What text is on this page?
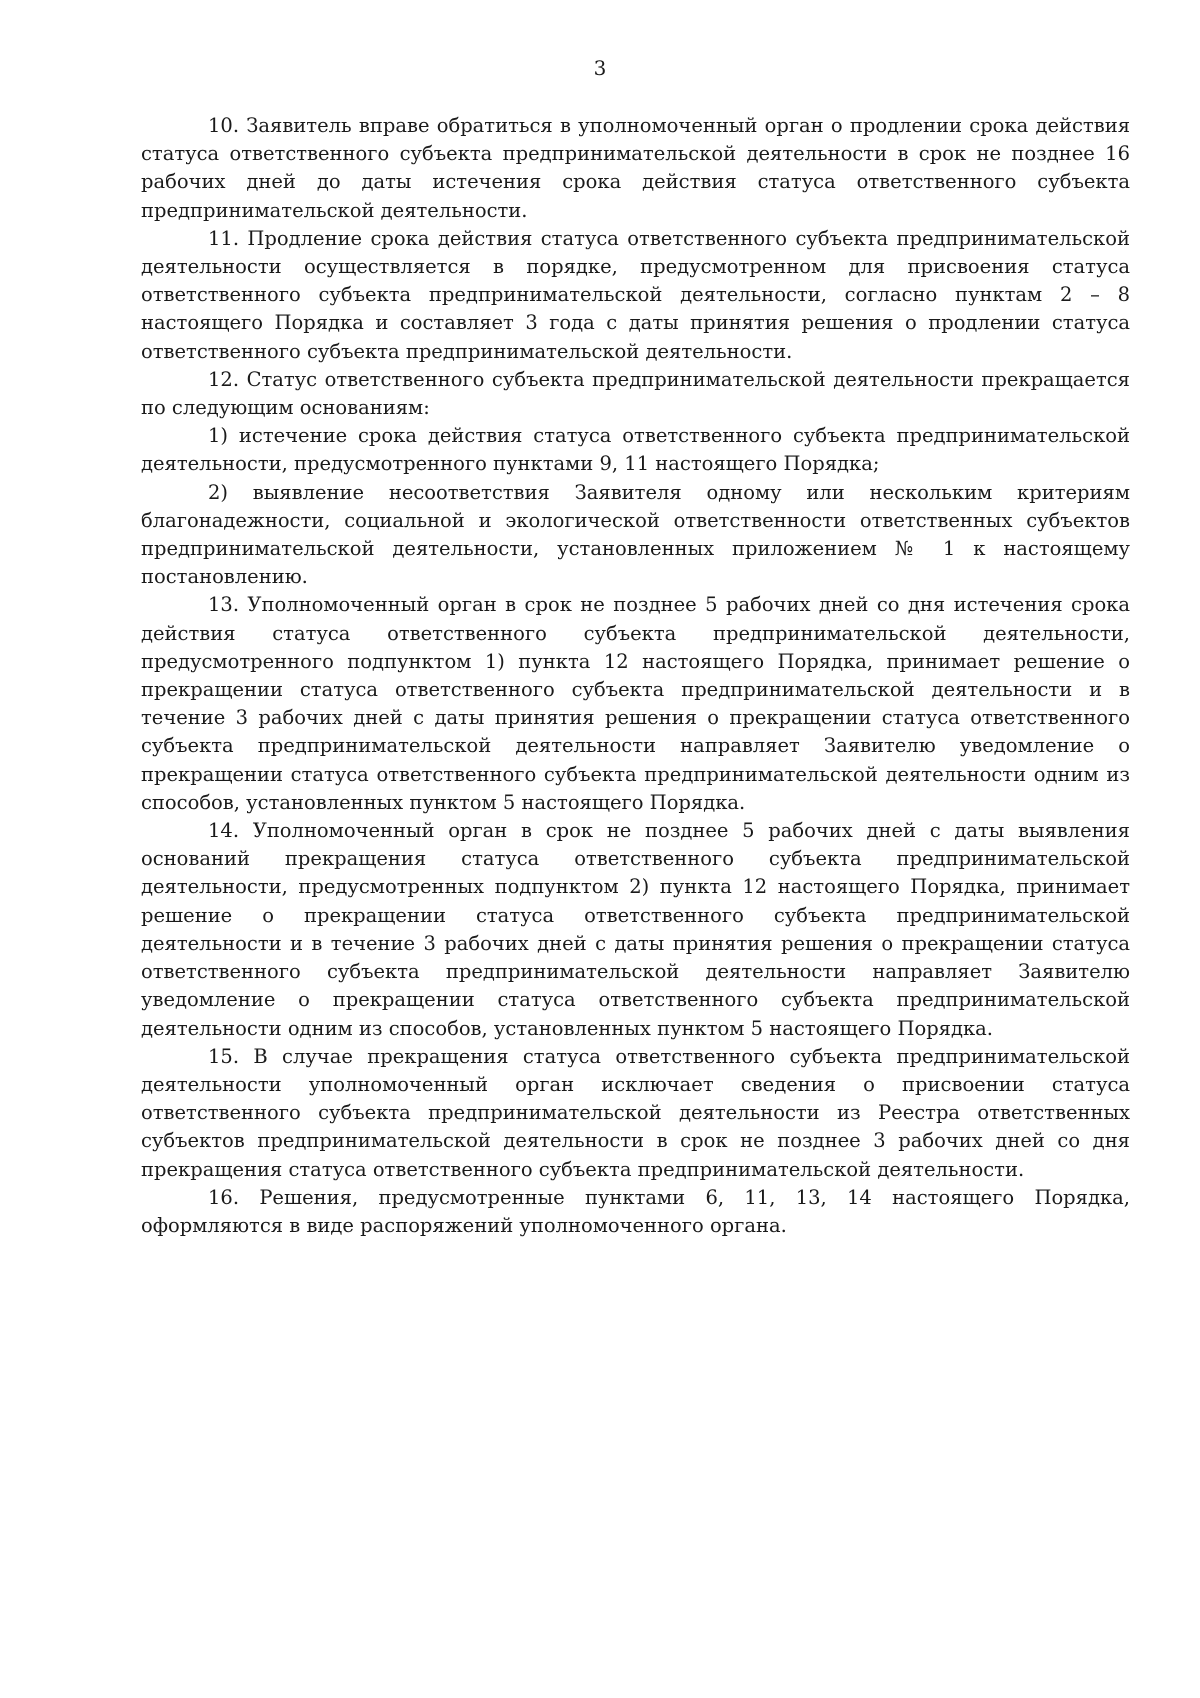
3

10. Заявитель вправе обратиться в уполномоченный орган о продлении срока действия статуса ответственного субъекта предпринимательской деятельности в срок не позднее 16 рабочих дней до даты истечения срока действия статуса ответственного субъекта предпринимательской деятельности.

11. Продление срока действия статуса ответственного субъекта предпринимательской деятельности осуществляется в порядке, предусмотренном для присвоения статуса ответственного субъекта предпринимательской деятельности, согласно пунктам 2 – 8 настоящего Порядка и составляет 3 года с даты принятия решения о продлении статуса ответственного субъекта предпринимательской деятельности.

12. Статус ответственного субъекта предпринимательской деятельности прекращается по следующим основаниям:

1) истечение срока действия статуса ответственного субъекта предпринимательской деятельности, предусмотренного пунктами 9, 11 настоящего Порядка;

2) выявление несоответствия Заявителя одному или нескольким критериям благонадежности, социальной и экологической ответственности ответственных субъектов предпринимательской деятельности, установленных приложением № 1 к настоящему постановлению.

13. Уполномоченный орган в срок не позднее 5 рабочих дней со дня истечения срока действия статуса ответственного субъекта предпринимательской деятельности, предусмотренного подпунктом 1) пункта 12 настоящего Порядка, принимает решение о прекращении статуса ответственного субъекта предпринимательской деятельности и в течение 3 рабочих дней с даты принятия решения о прекращении статуса ответственного субъекта предпринимательской деятельности направляет Заявителю уведомление о прекращении статуса ответственного субъекта предпринимательской деятельности одним из способов, установленных пунктом 5 настоящего Порядка.

14. Уполномоченный орган в срок не позднее 5 рабочих дней с даты выявления оснований прекращения статуса ответственного субъекта предпринимательской деятельности, предусмотренных подпунктом 2) пункта 12 настоящего Порядка, принимает решение о прекращении статуса ответственного субъекта предпринимательской деятельности и в течение 3 рабочих дней с даты принятия решения о прекращении статуса ответственного субъекта предпринимательской деятельности направляет Заявителю уведомление о прекращении статуса ответственного субъекта предпринимательской деятельности одним из способов, установленных пунктом 5 настоящего Порядка.

15. В случае прекращения статуса ответственного субъекта предпринимательской деятельности уполномоченный орган исключает сведения о присвоении статуса ответственного субъекта предпринимательской деятельности из Реестра ответственных субъектов предпринимательской деятельности в срок не позднее 3 рабочих дней со дня прекращения статуса ответственного субъекта предпринимательской деятельности.

16. Решения, предусмотренные пунктами 6, 11, 13, 14 настоящего Порядка, оформляются в виде распоряжений уполномоченного органа.
